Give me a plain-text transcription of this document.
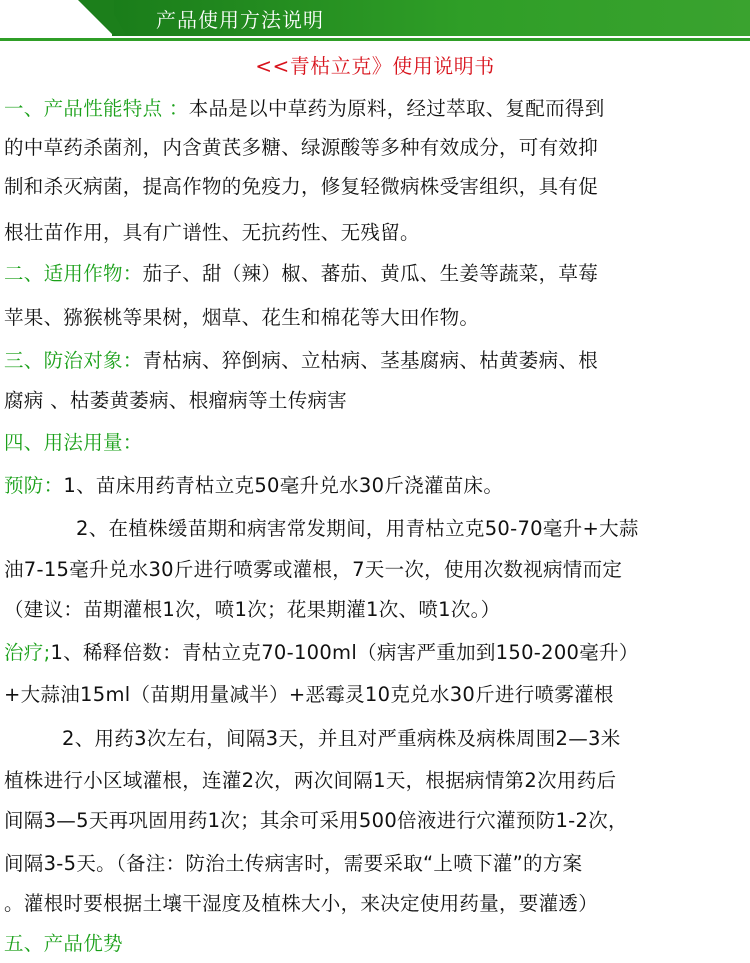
产品使用方法说明
<<青枯立克》使用说明书
一、产品性能特点 ：本品是以中草药为原料，经过萃取、复配而得到
的中草药杀菌剂，内含黄芪多糖、绿源酸等多种有效成分，可有效抑
制和杀灭病菌，提高作物的免疫力，修复轻微病株受害组织，具有促
根壮苗作用，具有广谱性、无抗药性、无残留。
二、适用作物：茄子、甜（辣）椒、蕃茄、黄瓜、生姜等蔬菜，草莓
苹果、猕猴桃等果树，烟草、花生和棉花等大田作物。
三、防治对象：青枯病、猝倒病、立枯病、茎基腐病、枯黄萎病、根
腐病 、枯萎黄萎病、根瘤病等土传病害
四、用法用量：
预防：1、苗床用药青枯立克50毫升兑水30斤浇灌苗床。
2、在植株缓苗期和病害常发期间，用青枯立克50-70毫升+大蒜
油7-15毫升兑水30斤进行喷雾或灌根，7天一次，使用次数视病情而定
（建议：苗期灌根1次，喷1次；花果期灌1次、喷1次。）
治疗;1、稀释倍数：青枯立克70-100ml（病害严重加到150-200毫升）
+大蒜油15ml（苗期用量减半）+恶霉灵10克兑水30斤进行喷雾灌根
2、用药3次左右，间隔3天，并且对严重病株及病株周围2—3米
植株进行小区域灌根，连灌2次，两次间隔1天，根据病情第2次用药后
间隔3—5天再巩固用药1次；其余可采用500倍液进行穴灌预防1-2次，
间隔3-5天。（备注：防治土传病害时，需要采取“上喷下灌”的方案
。灌根时要根据土壤干湿度及植株大小，来决定使用药量，要灌透）
五、产品优势
